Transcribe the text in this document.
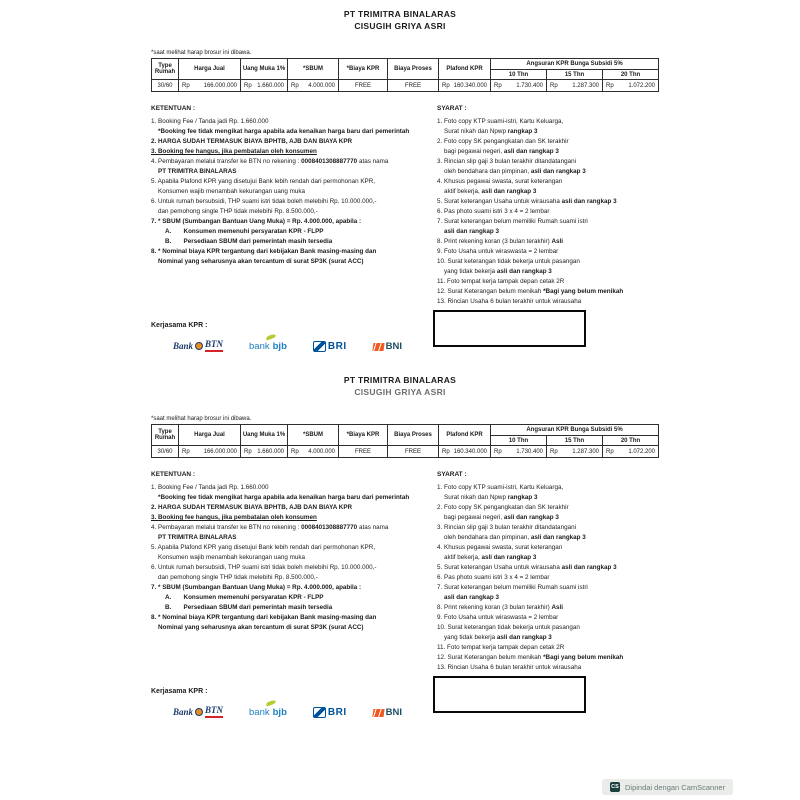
PT TRIMITRA BINALARAS
CISUGIH GRIYA ASRI
*saat melihat harap brosur ini dibawa.
Type Rumah	Harga Jual	Uang Muka 1%	*SBUM	*Biaya KPR	Biaya Proses	Plafond KPR	Angsuran KPR Bunga Subsidi 5%		
							10 Thn	15 Thn	20 Thn
30/60	Rp 166.000.000	Rp 1.660.000	Rp 4.000.000	FREE	FREE	Rp 160.340.000	Rp 1.730.400	Rp 1.287.300	Rp 1.072.200
KETENTUAN :
1. Booking Fee / Tanda jadi Rp. 1.660.000
*Booking fee tidak mengikat harga apabila ada kenaikan harga baru dari pemerintah
2. HARGA SUDAH TERMASUK BIAYA BPHTB, AJB DAN BIAYA KPR
3. Booking fee hangus, jika pembatalan oleh konsumen
4. Pembayaran melalui transfer ke BTN no rekening : 0008401308887770 atas nama
PT TRIMITRA BINALARAS
5. Apabila Plafond KPR yang disetujui Bank lebih rendah dari permohonan KPR,
Konsumen wajib menambah kekurangan uang muka
6. Untuk rumah bersubsidi, THP suami istri tidak boleh melebihi Rp. 10.000.000,-
dan pemohong single THP tidak melebihi Rp. 8.500.000,-
7. * SBUM (Sumbangan Bantuan Uang Muka) = Rp. 4.000.000, apabila :
A.       Konsumen memenuhi persyaratan KPR - FLPP
B.       Persediaan SBUM dari pemerintah masih tersedia
8. * Nominal biaya KPR tergantung dari kebijakan Bank masing-masing dan
Nominal yang seharusnya akan tercantum di surat SP3K (surat ACC)
SYARAT :
1. Foto copy KTP suami-istri, Kartu Keluarga,
Surat nikah dan Npwp rangkap 3
2. Foto copy SK pengangkatan dan SK terakhir
bagi pegawai negeri, asli dan rangkap 3
3. Rincian slip gaji 3 bulan terakhir ditandatangani
oleh bendahara dan pimpinan, asli dan rangkap 3
4. Khusus pegawai swasta, surat keterangan
aktif bekerja, asli dan rangkap 3
5. Surat keterangan Usaha untuk wirausaha asli dan rangkap 3
6. Pas photo suami istri 3 x 4 = 2 lembar
7. Surat keterangan belum memiliki Rumah suami istri
asli dan rangkap 3
8. Print rekening koran (3 bulan terakhir) Asli
9. Foto Usaha untuk wiraswasta = 2 lembar
10. Surat keterangan tidak bekerja untuk pasangan
yang tidak bekerja asli dan rangkap 3
11. Foto tempat kerja tampak depan cetak 2R
12. Surat Keterangan belum menikah *Bagi yang belum menikah
13. Rincian Usaha 6 bulan terakhir untuk wirausaha
Kerjasama KPR :
Bank BTN	bank bjb	BRI	BNI
PT TRIMITRA BINALARAS
CISUGIH GRIYA ASRI
*saat melihat harap brosur ini dibawa.
Type Rumah	Harga Jual	Uang Muka 1%	*SBUM	*Biaya KPR	Biaya Proses	Plafond KPR	Angsuran KPR Bunga Subsidi 5%		
							10 Thn	15 Thn	20 Thn
30/60	Rp 166.000.000	Rp 1.660.000	Rp 4.000.000	FREE	FREE	Rp 160.340.000	Rp 1.730.400	Rp 1.287.300	Rp 1.072.200
KETENTUAN :
1. Booking Fee / Tanda jadi Rp. 1.660.000
*Booking fee tidak mengikat harga apabila ada kenaikan harga baru dari pemerintah
2. HARGA SUDAH TERMASUK BIAYA BPHTB, AJB DAN BIAYA KPR
3. Booking fee hangus, jika pembatalan oleh konsumen
4. Pembayaran melalui transfer ke BTN no rekening : 0008401308887770 atas nama
PT TRIMITRA BINALARAS
5. Apabila Plafond KPR yang disetujui Bank lebih rendah dari permohonan KPR,
Konsumen wajib menambah kekurangan uang muka
6. Untuk rumah bersubsidi, THP suami istri tidak boleh melebihi Rp. 10.000.000,-
dan pemohong single THP tidak melebihi Rp. 8.500.000,-
7. * SBUM (Sumbangan Bantuan Uang Muka) = Rp. 4.000.000, apabila :
A.       Konsumen memenuhi persyaratan KPR - FLPP
B.       Persediaan SBUM dari pemerintah masih tersedia
8. * Nominal biaya KPR tergantung dari kebijakan Bank masing-masing dan
Nominal yang seharusnya akan tercantum di surat SP3K (surat ACC)
SYARAT :
1. Foto copy KTP suami-istri, Kartu Keluarga,
Surat nikah dan Npwp rangkap 3
2. Foto copy SK pengangkatan dan SK terakhir
bagi pegawai negeri, asli dan rangkap 3
3. Rincian slip gaji 3 bulan terakhir ditandatangani
oleh bendahara dan pimpinan, asli dan rangkap 3
4. Khusus pegawai swasta, surat keterangan
aktif bekerja, asli dan rangkap 3
5. Surat keterangan Usaha untuk wirausaha asli dan rangkap 3
6. Pas photo suami istri 3 x 4 = 2 lembar
7. Surat keterangan belum memiliki Rumah suami istri
asli dan rangkap 3
8. Print rekening koran (3 bulan terakhir) Asli
9. Foto Usaha untuk wiraswasta = 2 lembar
10. Surat keterangan tidak bekerja untuk pasangan
yang tidak bekerja asli dan rangkap 3
11. Foto tempat kerja tampak depan cetak 2R
12. Surat Keterangan belum menikah *Bagi yang belum menikah
13. Rincian Usaha 6 bulan terakhir untuk wirausaha
Kerjasama KPR :
Bank BTN	bank bjb	BRI	BNI
CS Dipindai dengan CamScanner
